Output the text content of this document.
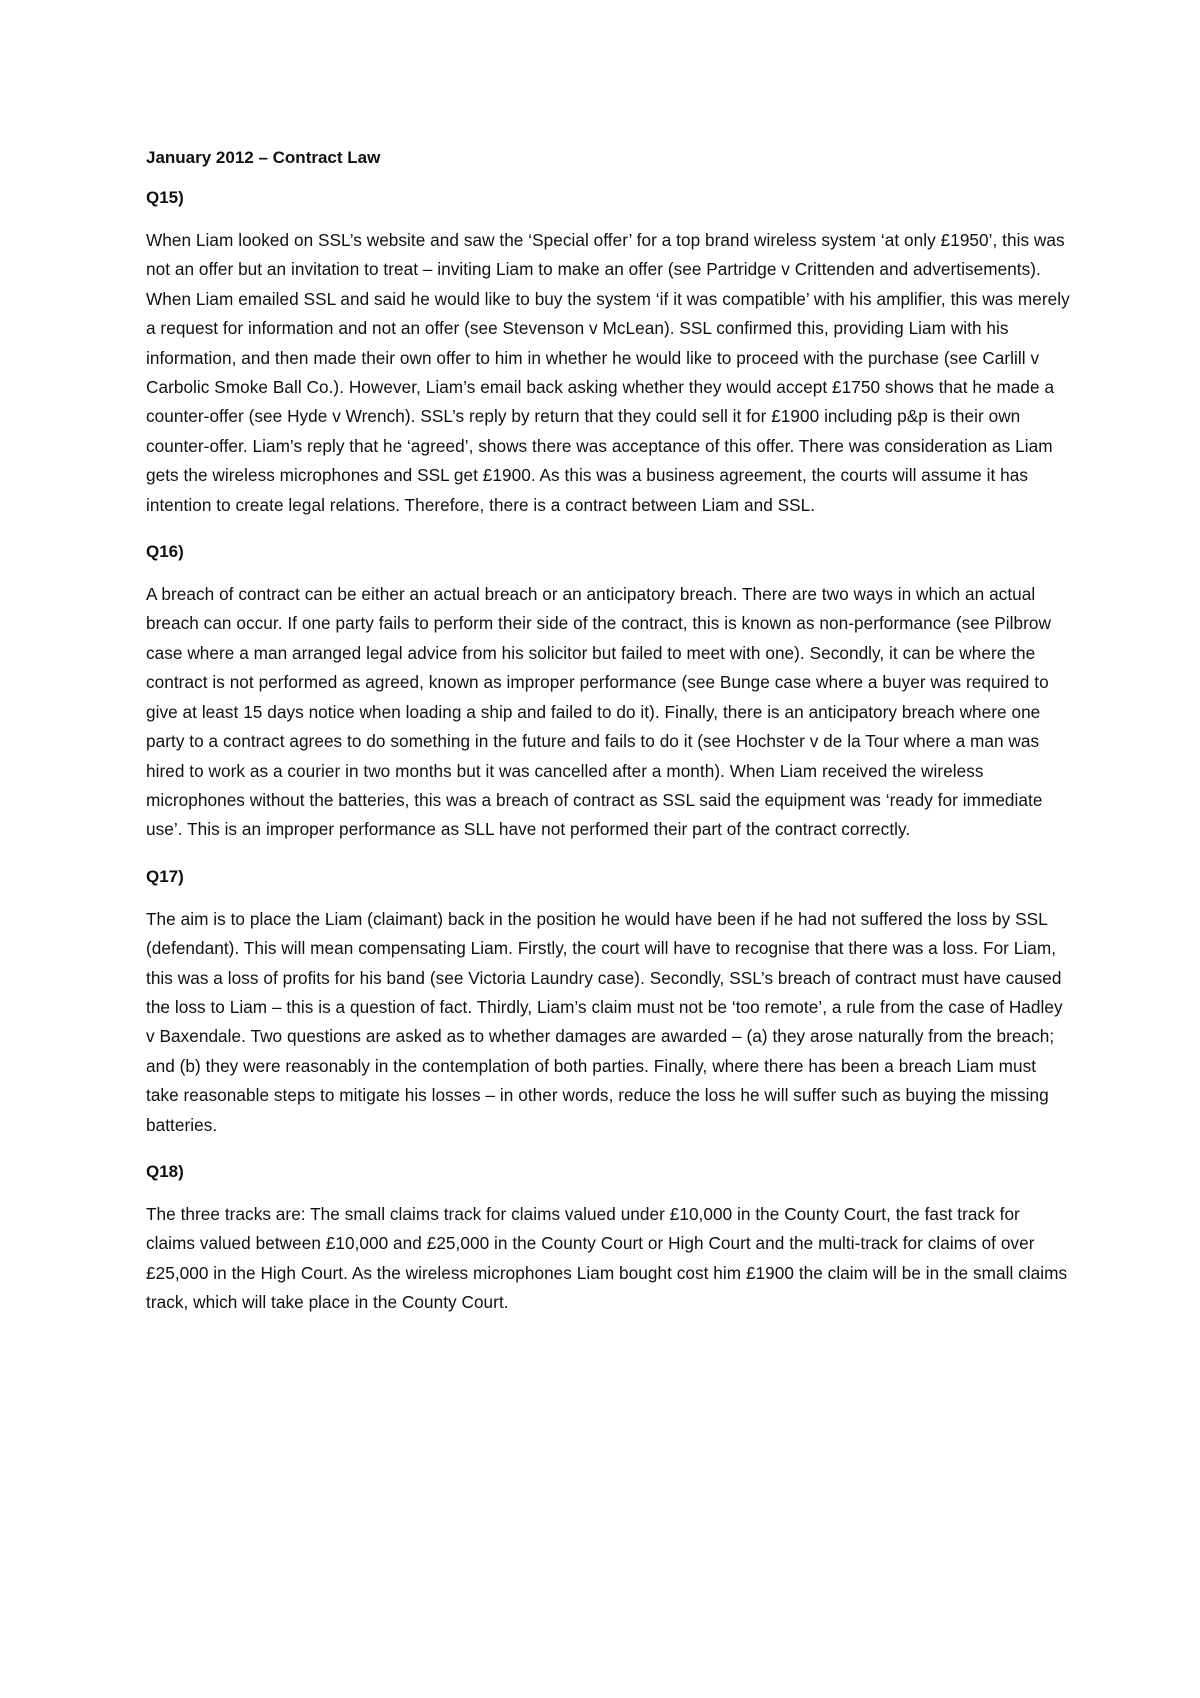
January 2012 – Contract Law
Q15)

When Liam looked on SSL’s website and saw the ‘Special offer’ for a top brand wireless system ‘at only £1950’, this was not an offer but an invitation to treat – inviting Liam to make an offer (see Partridge v Crittenden and advertisements). When Liam emailed SSL and said he would like to buy the system ‘if it was compatible’ with his amplifier, this was merely a request for information and not an offer (see Stevenson v McLean). SSL confirmed this, providing Liam with his information, and then made their own offer to him in whether he would like to proceed with the purchase (see Carlill v Carbolic Smoke Ball Co.). However, Liam’s email back asking whether they would accept £1750 shows that he made a counter-offer (see Hyde v Wrench). SSL’s reply by return that they could sell it for £1900 including p&p is their own counter-offer. Liam’s reply that he ‘agreed’, shows there was acceptance of this offer. There was consideration as Liam gets the wireless microphones and SSL get £1900. As this was a business agreement, the courts will assume it has intention to create legal relations. Therefore, there is a contract between Liam and SSL.

Q16)

A breach of contract can be either an actual breach or an anticipatory breach. There are two ways in which an actual breach can occur. If one party fails to perform their side of the contract, this is known as non-performance (see Pilbrow case where a man arranged legal advice from his solicitor but failed to meet with one). Secondly, it can be where the contract is not performed as agreed, known as improper performance (see Bunge case where a buyer was required to give at least 15 days notice when loading a ship and failed to do it). Finally, there is an anticipatory breach where one party to a contract agrees to do something in the future and fails to do it (see Hochster v de la Tour where a man was hired to work as a courier in two months but it was cancelled after a month). When Liam received the wireless microphones without the batteries, this was a breach of contract as SSL said the equipment was ‘ready for immediate use’. This is an improper performance as SLL have not performed their part of the contract correctly.

Q17)

The aim is to place the Liam (claimant) back in the position he would have been if he had not suffered the loss by SSL (defendant). This will mean compensating Liam. Firstly, the court will have to recognise that there was a loss. For Liam, this was a loss of profits for his band (see Victoria Laundry case). Secondly, SSL’s breach of contract must have caused the loss to Liam – this is a question of fact. Thirdly, Liam’s claim must not be ‘too remote’, a rule from the case of Hadley v Baxendale. Two questions are asked as to whether damages are awarded – (a) they arose naturally from the breach; and (b) they were reasonably in the contemplation of both parties. Finally, where there has been a breach Liam must take reasonable steps to mitigate his losses – in other words, reduce the loss he will suffer such as buying the missing batteries.

Q18)

The three tracks are: The small claims track for claims valued under £10,000 in the County Court, the fast track for claims valued between £10,000 and £25,000 in the County Court or High Court and the multi-track for claims of over £25,000 in the High Court. As the wireless microphones Liam bought cost him £1900 the claim will be in the small claims track, which will take place in the County Court.
